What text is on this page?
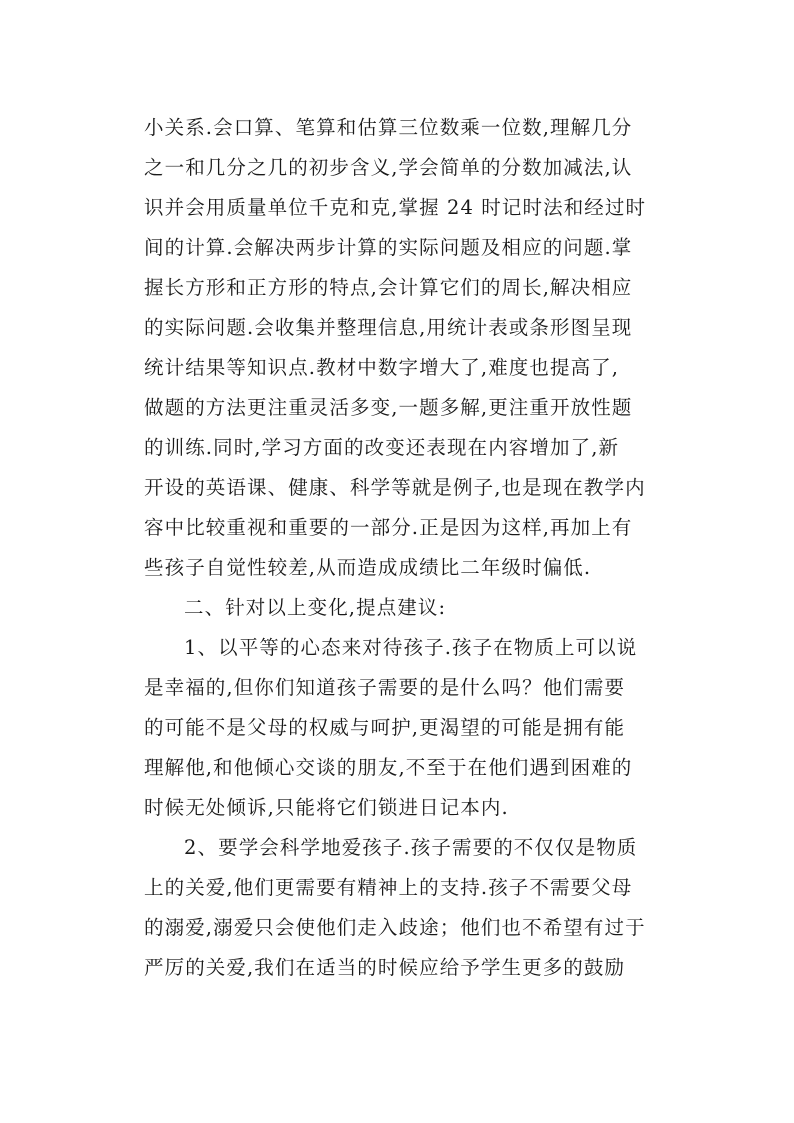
小关系.会口算、笔算和估算三位数乘一位数,理解几分
之一和几分之几的初步含义,学会简单的分数加减法,认
识并会用质量单位千克和克,掌握 24 时记时法和经过时
间的计算.会解决两步计算的实际问题及相应的问题.掌
握长方形和正方形的特点,会计算它们的周长,解决相应
的实际问题.会收集并整理信息,用统计表或条形图呈现
统计结果等知识点.教材中数字增大了,难度也提高了,
做题的方法更注重灵活多变,一题多解,更注重开放性题
的训练.同时,学习方面的改变还表现在内容增加了,新
开设的英语课、健康、科学等就是例子,也是现在教学内
容中比较重视和重要的一部分.正是因为这样,再加上有
些孩子自觉性较差,从而造成成绩比二年级时偏低.
二、针对以上变化,提点建议:
1、以平等的心态来对待孩子.孩子在物质上可以说
是幸福的,但你们知道孩子需要的是什么吗？他们需要
的可能不是父母的权威与呵护,更渴望的可能是拥有能
理解他,和他倾心交谈的朋友,不至于在他们遇到困难的
时候无处倾诉,只能将它们锁进日记本内.
2、要学会科学地爱孩子.孩子需要的不仅仅是物质
上的关爱,他们更需要有精神上的支持.孩子不需要父母
的溺爱,溺爱只会使他们走入歧途；他们也不希望有过于
严厉的关爱,我们在适当的时候应给予学生更多的鼓励
